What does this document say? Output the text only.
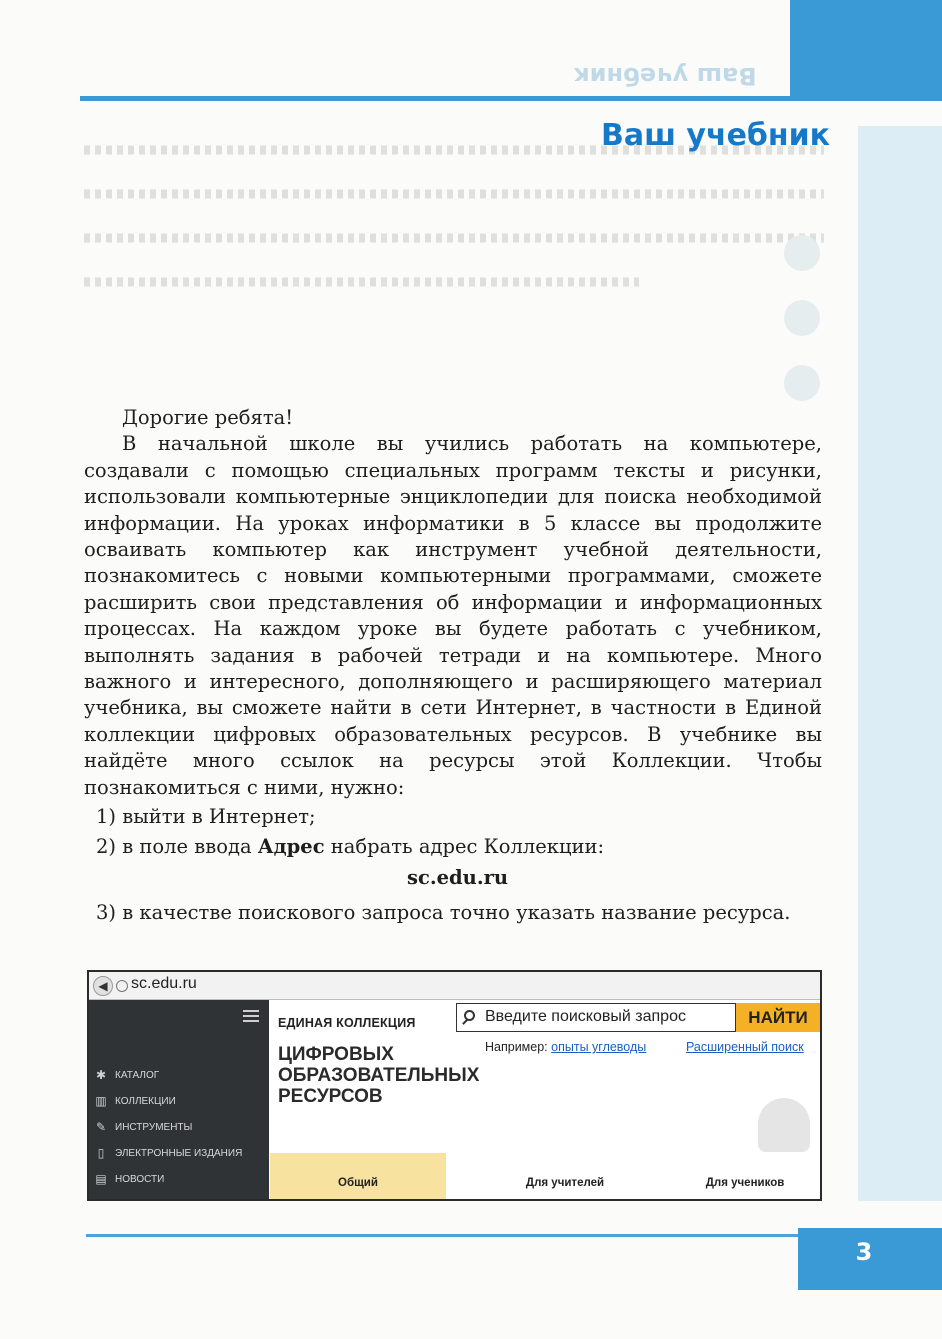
Ваш учебник
Ваш учебник

Дорогие ребята!

В начальной школе вы учились работать на компьютере, создавали с помощью специальных программ тексты и рисунки, использовали компьютерные энциклопедии для поиска необходимой информации. На уроках информатики в 5 классе вы продолжите осваивать компьютер как инструмент учебной деятельности, познакомитесь с новыми компьютерными программами, сможете расширить свои представления об информации и информационных процессах. На каждом уроке вы будете работать с учебником, выполнять задания в рабочей тетради и на компьютере. Много важного и интересного, дополняющего и расширяющего материал учебника, вы сможете найти в сети Интернет, в частности в Единой коллекции цифровых образовательных ресурсов. В учебнике вы найдёте много ссылок на ресурсы этой Коллекции. Чтобы познакомиться с ними, нужно:

1) выйти в Интернет;
2) в поле ввода Адрес набрать адрес Коллекции:
sc.edu.ru
3) в качестве поискового запроса точно указать название ресурса.
◀	sc.edu.ru
✱ КАТАЛОГ
▥ КОЛЛЕКЦИИ
✎ ИНСТРУМЕНТЫ
▯ ЭЛЕКТРОННЫЕ ИЗДАНИЯ
▤ НОВОСТИ
ЕДИНАЯ КОЛЛЕКЦИЯ
ЦИФРОВЫХ
ОБРАЗОВАТЕЛЬНЫХ
РЕСУРСОВ
Введите поисковый запрос	НАЙТИ
Например: опыты углеводы	Расширенный поиск
Общий	Для учителей	Для учеников
3
